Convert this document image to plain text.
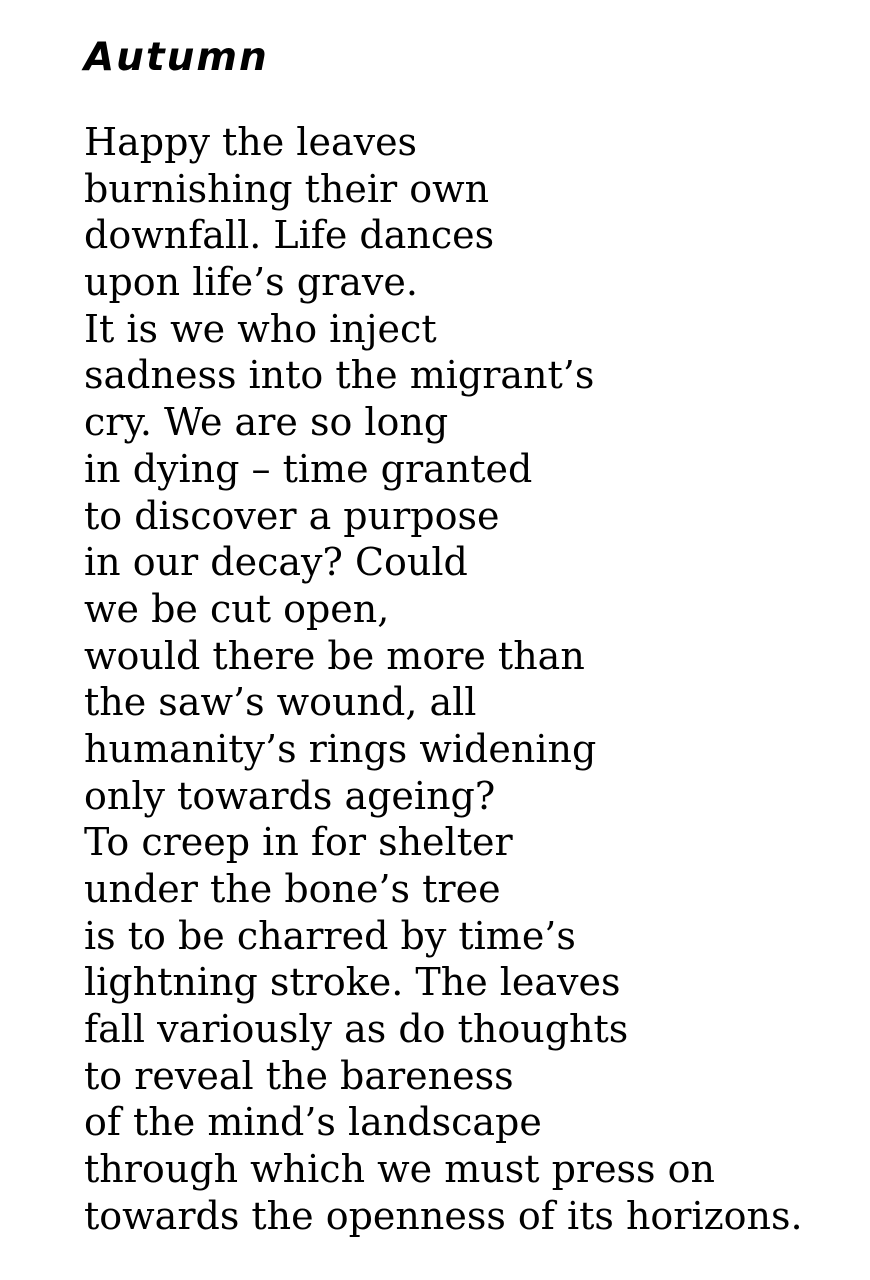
Autumn
Happy the leaves
burnishing their own
downfall. Life dances
upon life’s grave.
It is we who inject
sadness into the migrant’s
cry. We are so long
in dying – time granted
to discover a purpose
in our decay? Could
we be cut open,
would there be more than
the saw’s wound, all
humanity’s rings widening
only towards ageing?
To creep in for shelter
under the bone’s tree
is to be charred by time’s
lightning stroke. The leaves
fall variously as do thoughts
to reveal the bareness
of the mind’s landscape
through which we must press on
towards the openness of its horizons.
